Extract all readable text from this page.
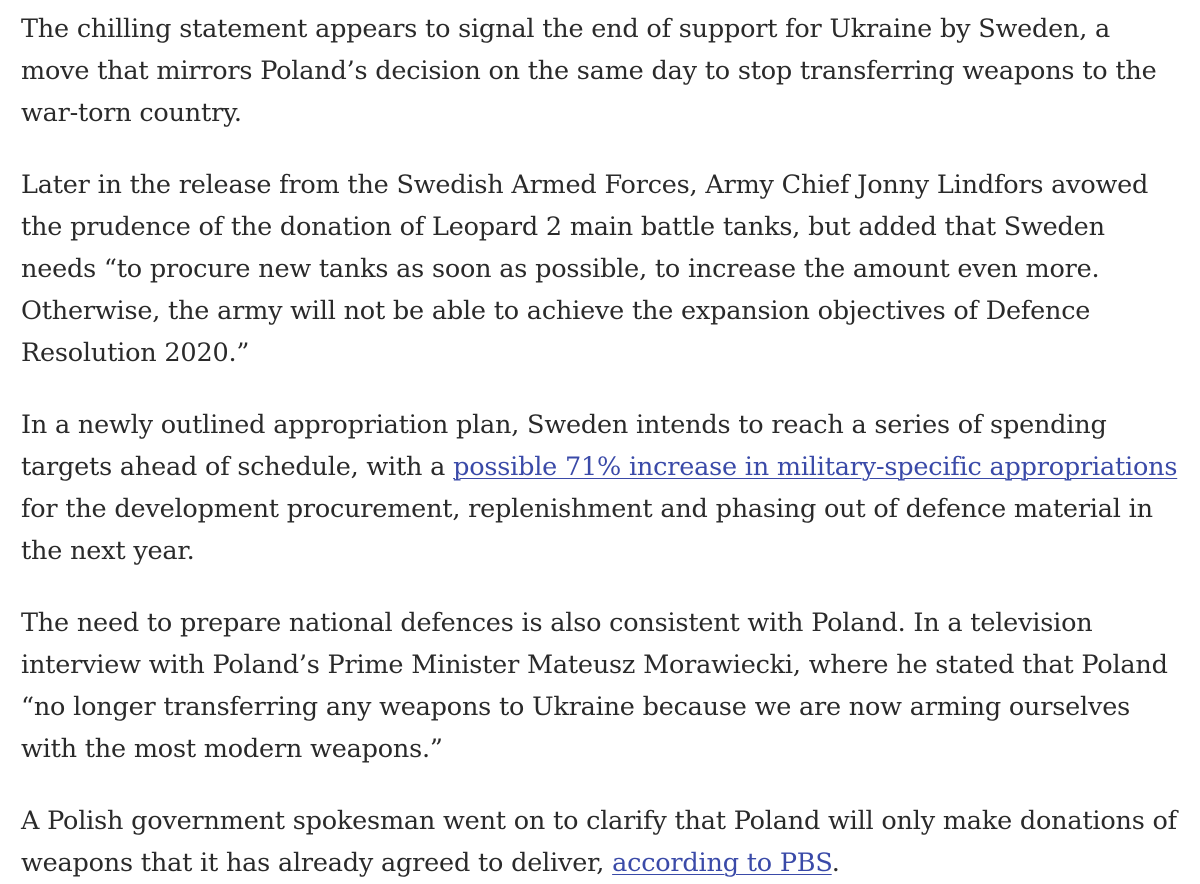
The chilling statement appears to signal the end of support for Ukraine by Sweden, a move that mirrors Poland’s decision on the same day to stop transferring weapons to the war-torn country.

Later in the release from the Swedish Armed Forces, Army Chief Jonny Lindfors avowed the prudence of the donation of Leopard 2 main battle tanks, but added that Sweden needs “to procure new tanks as soon as possible, to increase the amount even more. Otherwise, the army will not be able to achieve the expansion objectives of Defence Resolution 2020.”

In a newly outlined appropriation plan, Sweden intends to reach a series of spending targets ahead of schedule, with a possible 71% increase in military-specific appropriations for the development procurement, replenishment and phasing out of defence material in the next year.

The need to prepare national defences is also consistent with Poland. In a television interview with Poland’s Prime Minister Mateusz Morawiecki, where he stated that Poland “no longer transferring any weapons to Ukraine because we are now arming ourselves with the most modern weapons.”

A Polish government spokesman went on to clarify that Poland will only make donations of weapons that it has already agreed to deliver, according to PBS.
